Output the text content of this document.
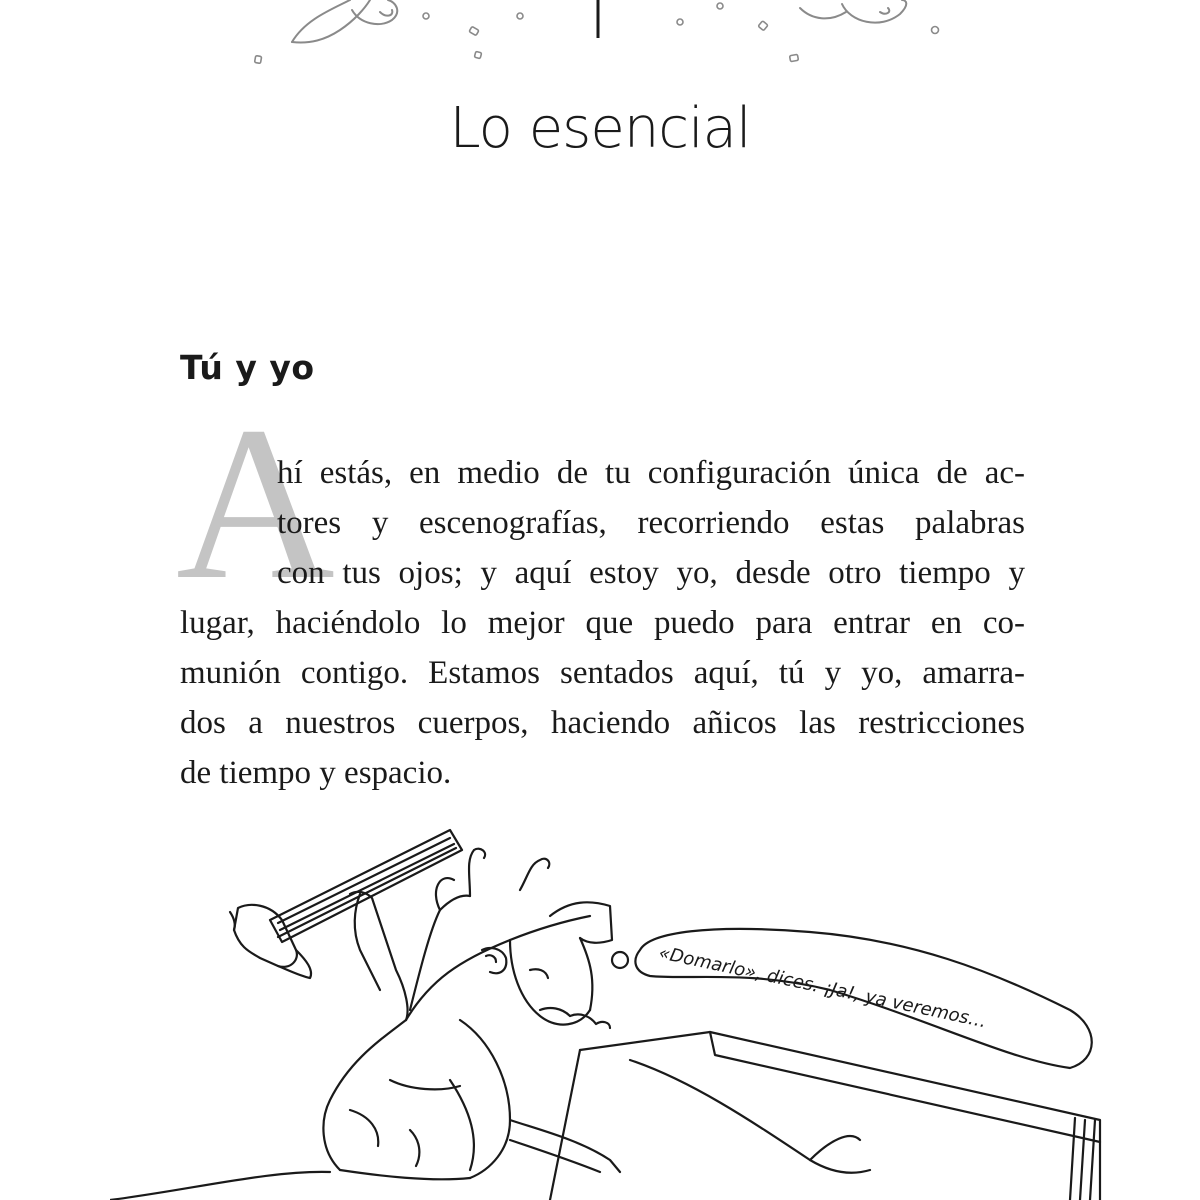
Lo esencial
Tú y yo
A
hí estás, en medio de tu configuración única de ac-
tores y escenografías, recorriendo estas palabras
con tus ojos; y aquí estoy yo, desde otro tiempo y
lugar, haciéndolo lo mejor que puedo para entrar en co-
munión contigo. Estamos sentados aquí, tú y yo, amarra-
dos a nuestros cuerpos, haciendo añicos las restricciones
de tiempo y espacio.
«Domarlo», dices. ¡Ja!, ya veremos…
